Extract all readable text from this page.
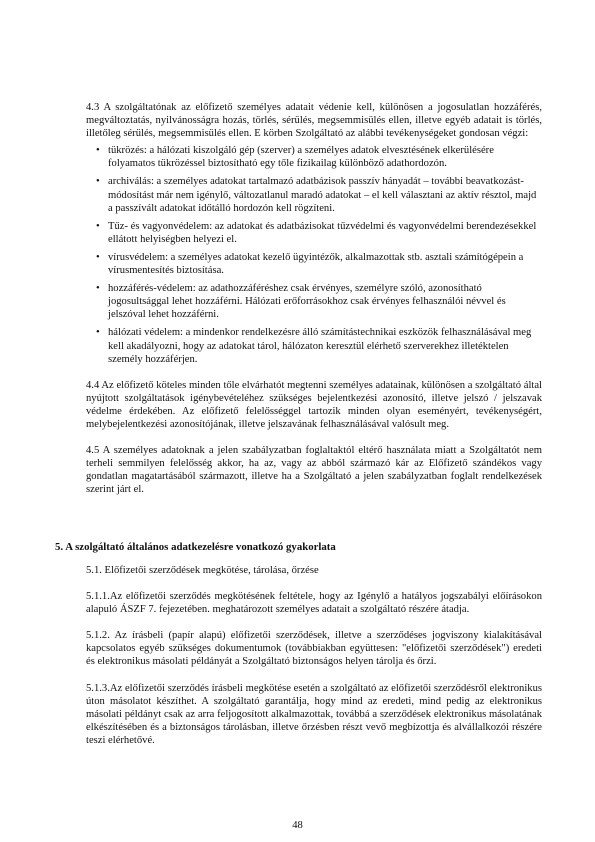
4.3 A szolgáltatónak az előfizető személyes adatait védenie kell, különösen a jogosulatlan hozzáférés, megváltoztatás, nyilvánosságra hozás, törlés, sérülés, megsemmisülés ellen, illetve egyéb adatait is törlés, illetőleg sérülés, megsemmisülés ellen. E körben Szolgáltató az alábbi tevékenységeket gondosan végzi:

• tükrözés: a hálózati kiszolgáló gép (szerver) a személyes adatok elvesztésének elkerülésére folyamatos tükrözéssel biztosítható egy tőle fizikailag különböző adathordozón.
• archiválás: a személyes adatokat tartalmazó adatbázisok passzív hányadát – további beavatkozást-módosítást már nem igénylő, változatlanul maradó adatokat – el kell választani az aktív résztol, majd a passzívált adatokat időtálló hordozón kell rögzíteni.
• Tűz- és vagyonvédelem: az adatokat és adatbázisokat tűzvédelmi és vagyonvédelmi berendezésekkel ellátott helyiségben helyezi el.
• vírusvédelem: a személyes adatokat kezelő ügyintézők, alkalmazottak stb. asztali számítógépein a vírusmentesítés biztosítása.
• hozzáférés-védelem: az adathozzáféréshez csak érvényes, személyre szóló, azonosítható jogosultsággal lehet hozzáférni. Hálózati erőforrásokhoz csak érvényes felhasználói névvel és jelszóval lehet hozzáférni.
• hálózati védelem: a mindenkor rendelkezésre álló számítástechnikai eszközök felhasználásával meg kell akadályozni, hogy az adatokat tárol, hálózaton keresztül elérhető szerverekhez illetéktelen személy hozzáférjen.

4.4 Az előfizető köteles minden tőle elvárhatót megtenni személyes adatainak, különösen a szolgáltató által nyújtott szolgáltatások igénybevételéhez szükséges bejelentkezési azonosító, illetve jelszó / jelszavak védelme érdekében. Az előfizető felelősséggel tartozik minden olyan eseményért, tevékenységért, melybejelentkezési azonosítójának, illetve jelszavának felhasználásával valósult meg.

4.5 A személyes adatoknak a jelen szabályzatban foglaltaktól eltérő használata miatt a Szolgáltatót nem terheli semmilyen felelősség akkor, ha az, vagy az abból származó kár az Előfizető szándékos vagy gondatlan magatartásából származott, illetve ha a Szolgáltató a jelen szabályzatban foglalt rendelkezések szerint járt el.

5. A szolgáltató általános adatkezelésre vonatkozó gyakorlata

5.1. Előfizetői szerződések megkötése, tárolása, őrzése

5.1.1.Az előfizetői szerződés megkötésének feltétele, hogy az Igénylő a hatályos jogszabályi előírásokon alapuló ÁSZF 7. fejezetében. meghatározott személyes adatait a szolgáltató részére átadja.

5.1.2. Az írásbeli (papír alapú) előfizetői szerződések, illetve a szerződéses jogviszony kialakításával kapcsolatos egyéb szükséges dokumentumok (továbbiakban együttesen: "előfizetői szerződések") eredeti és elektronikus másolati példányát a Szolgáltató biztonságos helyen tárolja és őrzi.

5.1.3.Az előfizetői szerződés írásbeli megkötése esetén a szolgáltató az előfizetői szerződésről elektronikus úton másolatot készíthet. A szolgáltató garantálja, hogy mind az eredeti, mind pedig az elektronikus másolati példányt csak az arra feljogosított alkalmazottak, továbbá a szerződések elektronikus másolatának elkészítésében és a biztonságos tárolásban, illetve őrzésben részt vevő megbízottja és alvállalkozói részére teszi elérhetővé.

48
